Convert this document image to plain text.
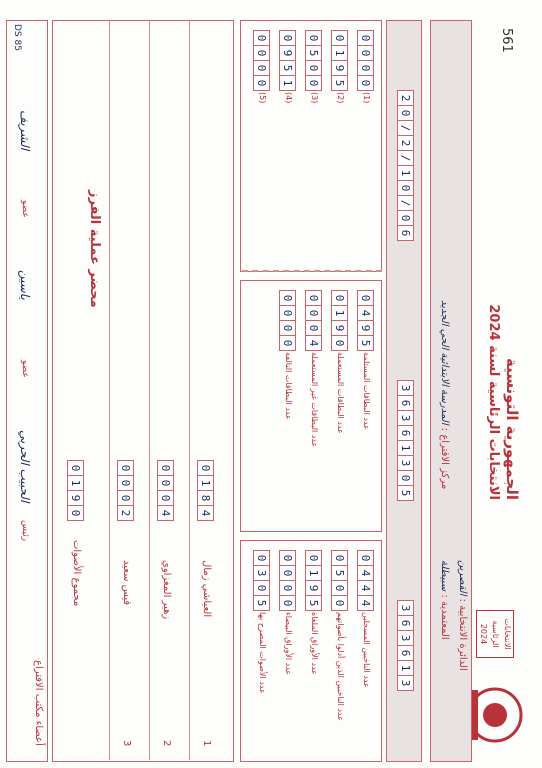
الجمهورية التونسية
الانتخابات الرئاسية لسنة 2024
561
الانتخابات الرئاسية 2024
الدائرة الانتخابية : القصرين
المعتمدية : سبيطلة
مركز الاقتراع : المدرسة الابتدائية الحي الجديد
محضر عملية الفرز
3
6
3
6
1
3
3
6
3
6
1
3
0
5
2
0
/
2
/
1
0
/
0
6
مجموع الأصوات
0
1
9
0
أعضاء مكتب الاقتراع
DS 85
عدد الناخبين المسجلين
0
4
4
4
عدد الناخبين الذين أدلوا بأصواتهم
0
5
0
0
عدد الأوراق الملغاة
0
1
9
5
عدد الأوراق البيضاء
0
0
0
0
عدد الأصوات المصرح بها
0
3
0
5
عدد البطاقات المستلمة
0
4
9
5
عدد البطاقات المستعملة
0
1
9
0
عدد البطاقات غير المستعملة
0
0
0
4
عدد البطاقات التالفة
0
0
0
0
(1)
0
0
0
0
(2)
0
1
9
5
(3)
0
5
0
0
(4)
0
9
5
1
(5)
0
0
0
0
1
العياشي زمال
0
1
8
4
2
زهير المغزاوي
0
0
0
4
3
قيس سعيد
0
0
0
2
رئيس
الحبيب الحربي
عضو
ياسين
عضو
الشريف
